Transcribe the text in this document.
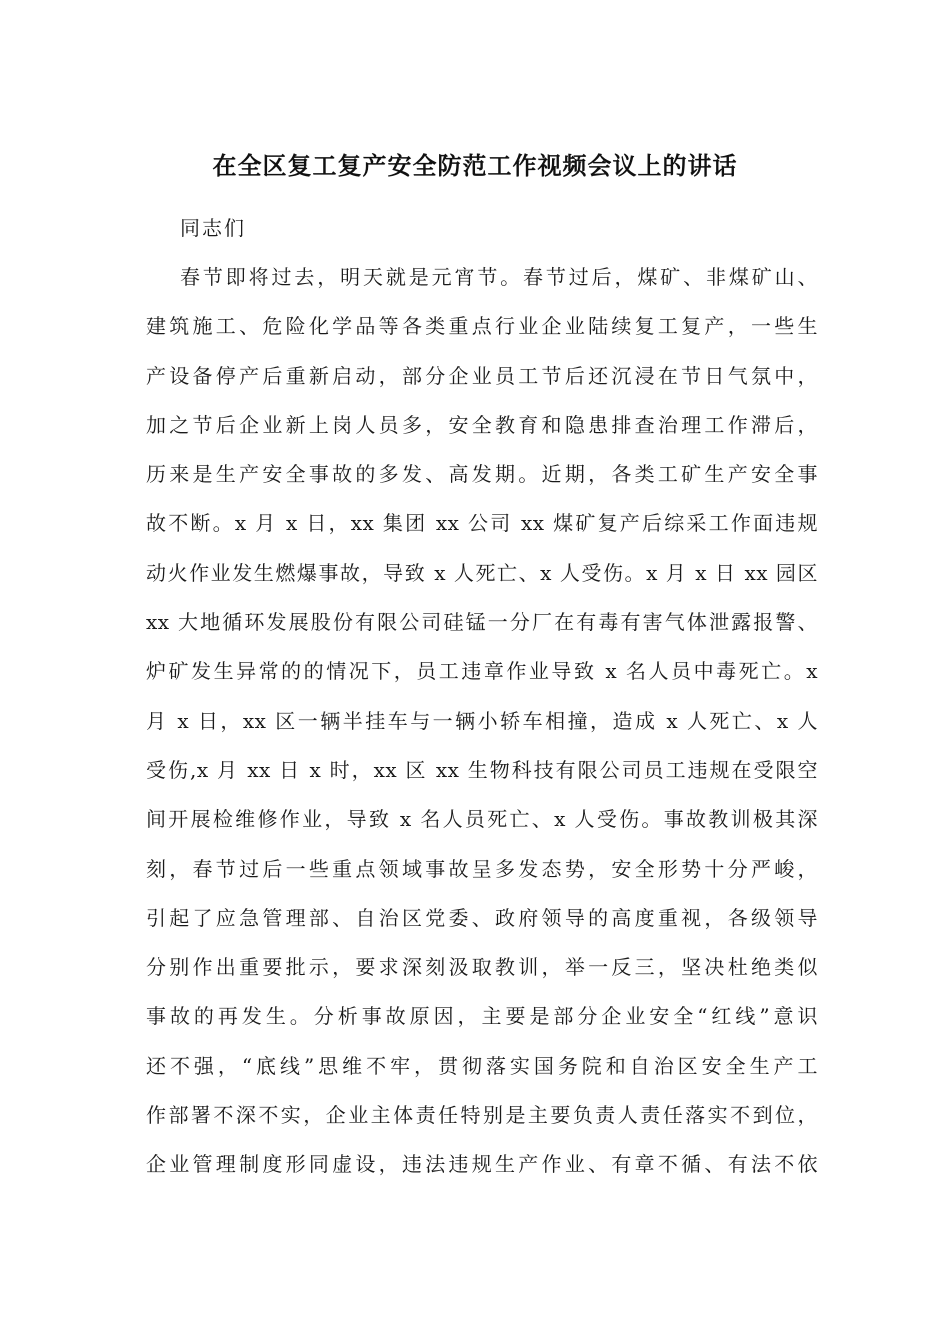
在全区复工复产安全防范工作视频会议上的讲话

同志们

春节即将过去，明天就是元宵节。春节过后，煤矿、非煤矿山、
建筑施工、危险化学品等各类重点行业企业陆续复工复产，一些生
产设备停产后重新启动，部分企业员工节后还沉浸在节日气氛中，
加之节后企业新上岗人员多，安全教育和隐患排查治理工作滞后，
历来是生产安全事故的多发、高发期。近期，各类工矿生产安全事
故不断。x 月 x 日，xx 集团 xx 公司 xx 煤矿复产后综采工作面违规
动火作业发生燃爆事故，导致 x 人死亡、x 人受伤。x 月 x 日 xx 园区
xx 大地循环发展股份有限公司硅锰一分厂在有毒有害气体泄露报警、
炉矿发生异常的的情况下，员工违章作业导致 x 名人员中毒死亡。x
月 x 日，xx 区一辆半挂车与一辆小轿车相撞，造成 x 人死亡、x 人
受伤,x 月 xx 日 x 时，xx 区 xx 生物科技有限公司员工违规在受限空
间开展检维修作业，导致 x 名人员死亡、x 人受伤。事故教训极其深
刻，春节过后一些重点领域事故呈多发态势，安全形势十分严峻，
引起了应急管理部、自治区党委、政府领导的高度重视，各级领导
分别作出重要批示，要求深刻汲取教训，举一反三，坚决杜绝类似
事故的再发生。分析事故原因，主要是部分企业安全“红线”意识
还不强，“底线”思维不牢，贯彻落实国务院和自治区安全生产工
作部署不深不实，企业主体责任特别是主要负责人责任落实不到位，
企业管理制度形同虚设，违法违规生产作业、有章不循、有法不依
